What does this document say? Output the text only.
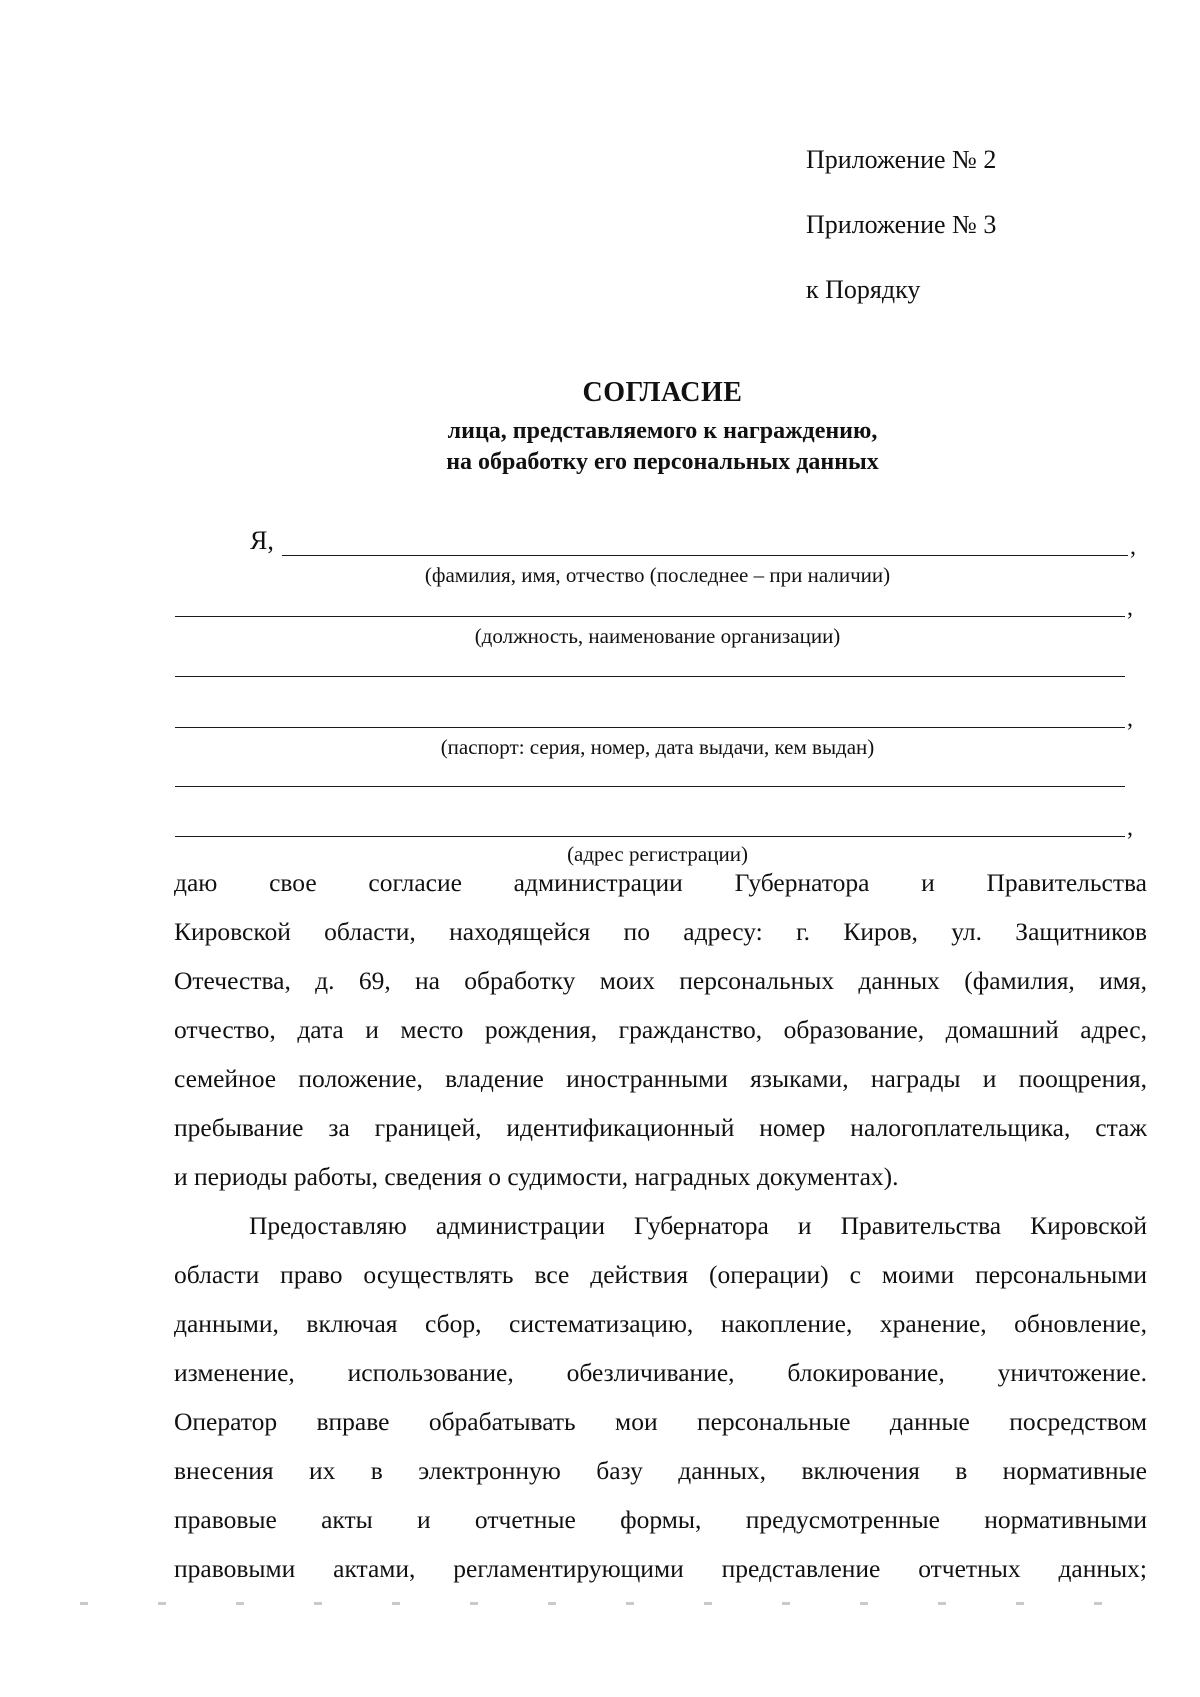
Приложение № 2
Приложение № 3
к Порядку
СОГЛАСИЕ
лица, представляемого к награждению,
на обработку его персональных данных
Я,	,
(фамилия, имя, отчество (последнее – при наличии)
,
(должность, наименование организации)
,
(паспорт: серия, номер, дата выдачи, кем выдан)
,
(адрес регистрации)
даю свое согласие администрации Губернатора и Правительства
Кировской области, находящейся по адресу: г. Киров, ул. Защитников
Отечества, д. 69, на обработку моих персональных данных (фамилия, имя,
отчество, дата и место рождения, гражданство, образование, домашний адрес,
семейное положение, владение иностранными языками, награды и поощрения,
пребывание за границей, идентификационный номер налогоплательщика, стаж
и периоды работы, сведения о судимости, наградных документах).
Предоставляю администрации Губернатора и Правительства Кировской
области право осуществлять все действия (операции) с моими персональными
данными, включая сбор, систематизацию, накопление, хранение, обновление,
изменение, использование, обезличивание, блокирование, уничтожение.
Оператор вправе обрабатывать мои персональные данные посредством
внесения их в электронную базу данных, включения в нормативные
правовые акты и отчетные формы, предусмотренные нормативными
правовыми актами, регламентирующими представление отчетных данных;
